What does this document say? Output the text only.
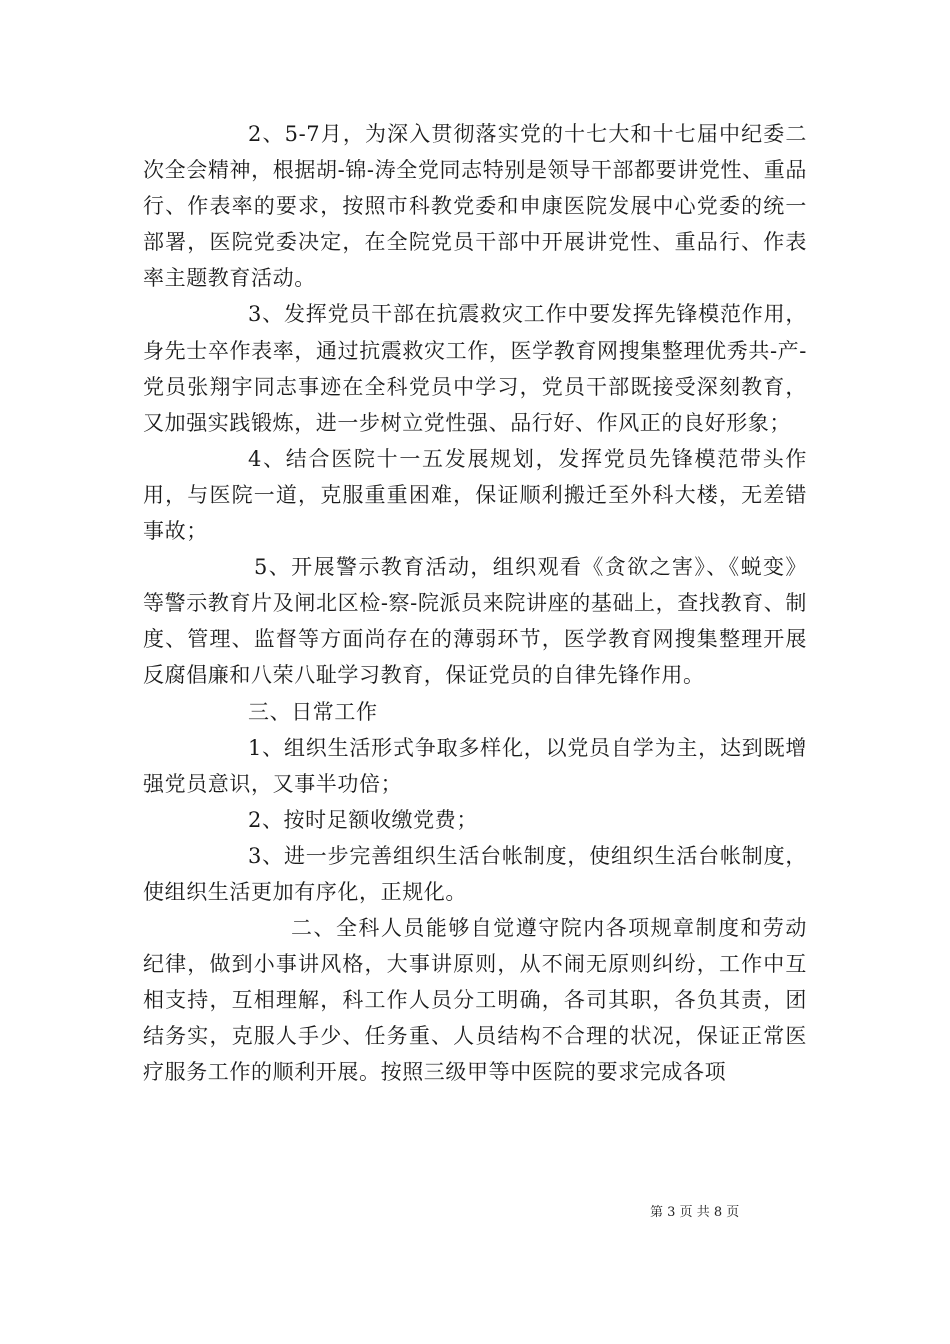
2、5-7月，为深入贯彻落实党的十七大和十七届中纪委二次全会精神，根据胡-锦-涛全党同志特别是领导干部都要讲党性、重品行、作表率的要求，按照市科教党委和申康医院发展中心党委的统一部署，医院党委决定，在全院党员干部中开展讲党性、重品行、作表率主题教育活动。

3、发挥党员干部在抗震救灾工作中要发挥先锋模范作用，身先士卒作表率，通过抗震救灾工作，医学教育网搜集整理优秀共-产-党员张翔宇同志事迹在全科党员中学习，党员干部既接受深刻教育，又加强实践锻炼，进一步树立党性强、品行好、作风正的良好形象；

4、结合医院十一五发展规划，发挥党员先锋模范带头作用，与医院一道，克服重重困难，保证顺利搬迁至外科大楼，无差错事故；

5、开展警示教育活动，组织观看《贪欲之害》、《蜕变》等警示教育片及闸北区检-察-院派员来院讲座的基础上，查找教育、制度、管理、监督等方面尚存在的薄弱环节，医学教育网搜集整理开展反腐倡廉和八荣八耻学习教育，保证党员的自律先锋作用。

三、日常工作

1、组织生活形式争取多样化，以党员自学为主，达到既增强党员意识，又事半功倍；

2、按时足额收缴党费；

3、进一步完善组织生活台帐制度，使组织生活台帐制度，使组织生活更加有序化，正规化。

二、全科人员能够自觉遵守院内各项规章制度和劳动纪律，做到小事讲风格，大事讲原则，从不闹无原则纠纷，工作中互相支持，互相理解，科工作人员分工明确，各司其职，各负其责，团结务实，克服人手少、任务重、人员结构不合理的状况，保证正常医疗服务工作的顺利开展。按照三级甲等中医院的要求完成各项

第 3 页 共 8 页
